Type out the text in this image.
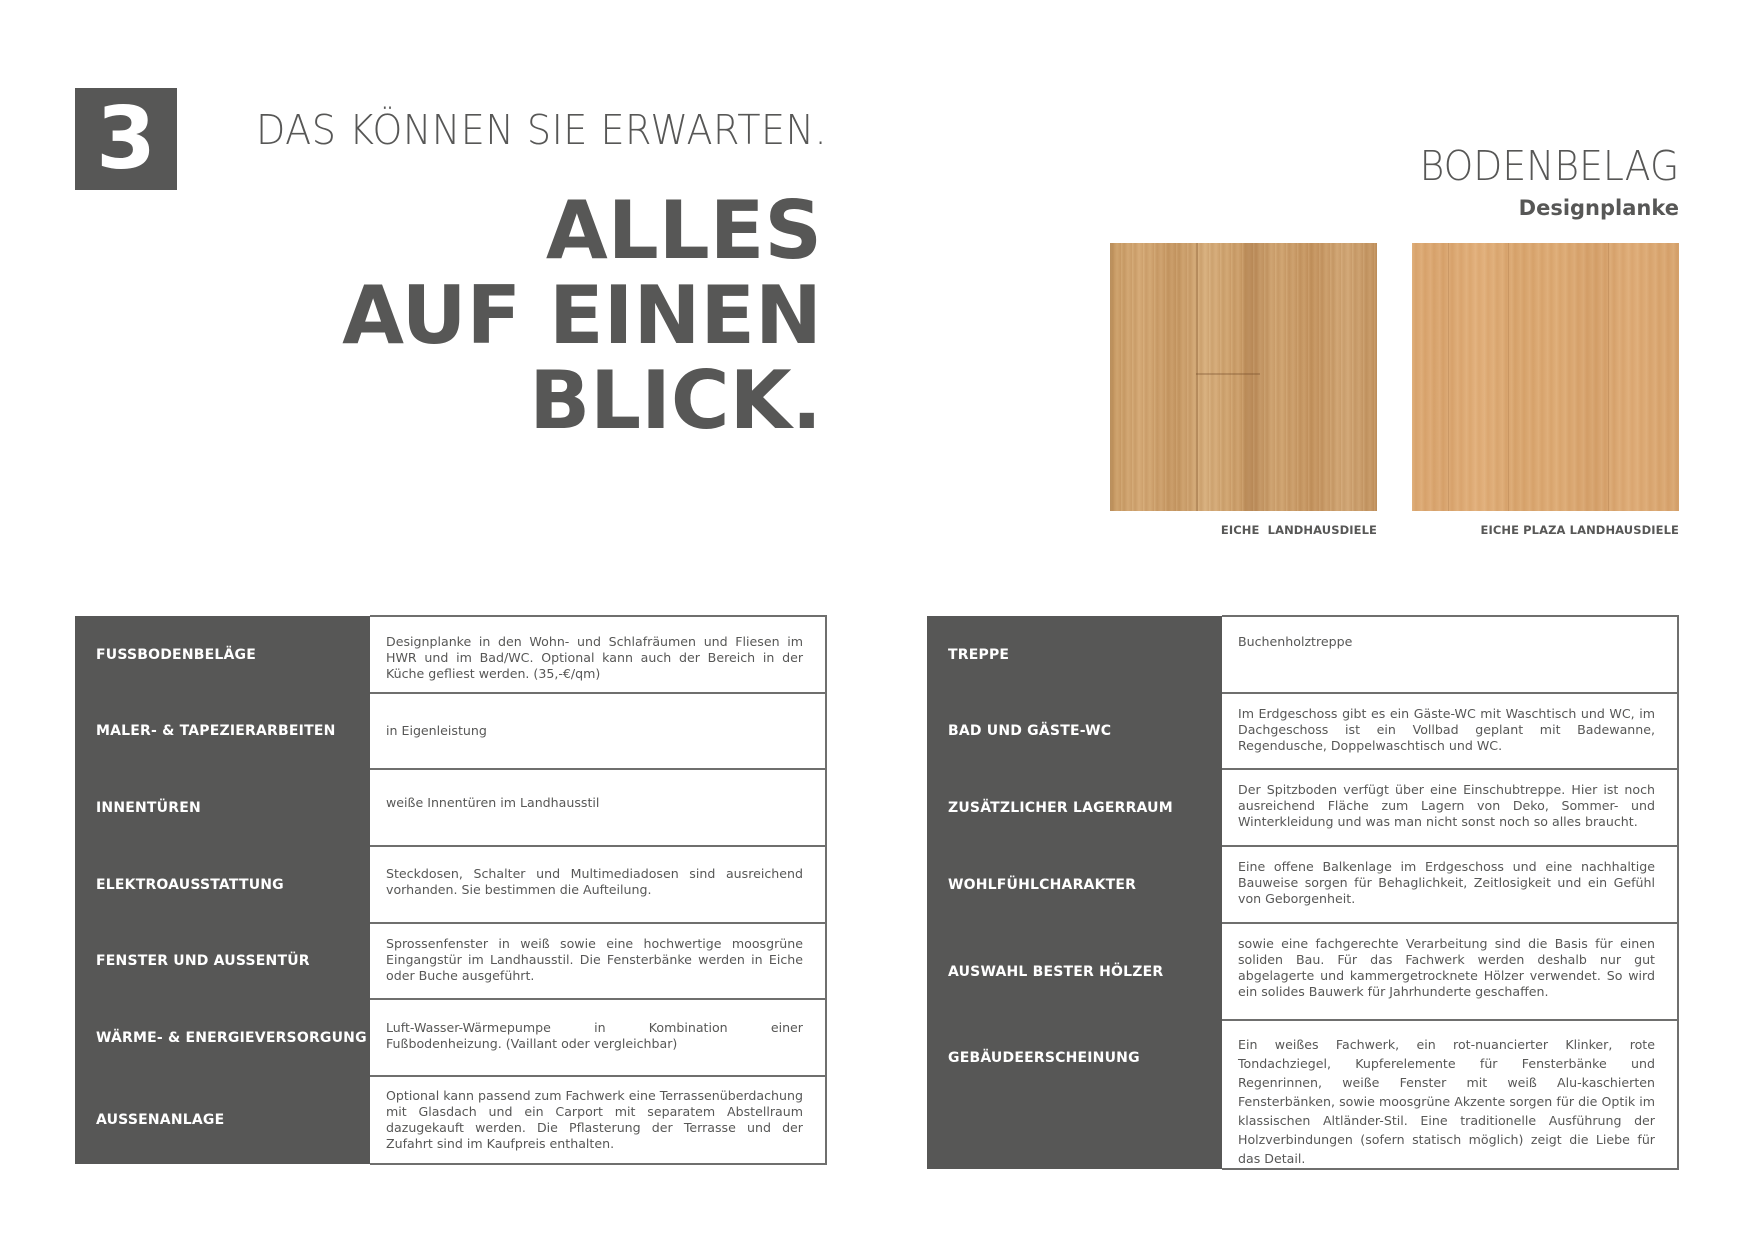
3	DAS KÖNNEN SIE ERWARTEN.
ALLES
AUF EINEN
BLICK.
BODENBELAG
Designplanke
EICHE  LANDHAUSDIELE	EICHE PLAZA LANDHAUSDIELE
FUSSBODENBELÄGE	Designplanke in den Wohn- und Schlafräumen und Fliesen im HWR und im Bad/WC. Optional kann auch der Bereich in der Küche gefliest werden. (35,-€/qm)

MALER- & TAPEZIERARBEITEN	in Eigenleistung

INNENTÜREN	weiße Innentüren im Landhausstil

ELEKTROAUSSTATTUNG	Steckdosen, Schalter und Multimediadosen sind ausreichend vorhanden. Sie bestimmen die Aufteilung.

FENSTER UND AUSSENTÜR	Sprossenfenster in weiß sowie eine hochwertige moosgrüne Eingangstür im Landhausstil. Die Fensterbänke werden in Eiche oder Buche ausgeführt.

WÄRME- & ENERGIEVERSORGUNG	Luft-Wasser-Wärmepumpe in Kombination einer Fußbodenheizung. (Vaillant oder vergleichbar)

AUSSENANLAGE	Optional kann passend zum Fachwerk eine Terrassenüberdachung mit Glasdach und ein Carport mit separatem Abstellraum dazugekauft werden. Die Pflasterung der Terrasse und der Zufahrt sind im Kaufpreis enthalten.
TREPPE	Buchenholztreppe

BAD UND GÄSTE-WC	Im Erdgeschoss gibt es ein Gäste-WC mit Waschtisch und WC, im Dachgeschoss ist ein Vollbad geplant mit Badewanne, Regendusche, Doppelwaschtisch und WC.

ZUSÄTZLICHER LAGERRAUM	Der Spitzboden verfügt über eine Einschubtreppe. Hier ist noch ausreichend Fläche zum Lagern von Deko, Sommer- und Winterkleidung und was man nicht sonst noch so alles braucht.

WOHLFÜHLCHARAKTER	Eine offene Balkenlage im Erdgeschoss und eine nachhaltige Bauweise sorgen für Behaglichkeit, Zeitlosigkeit und ein Gefühl von Geborgenheit.

AUSWAHL BESTER HÖLZER	sowie eine fachgerechte Verarbeitung sind die Basis für einen soliden Bau. Für das Fachwerk werden deshalb nur gut abgelagerte und kammergetrocknete Hölzer verwendet. So wird ein solides Bauwerk für Jahrhunderte geschaffen.

GEBÄUDEERSCHEINUNG	Ein weißes Fachwerk, ein rot-nuancierter Klinker, rote Tondachziegel, Kupferelemente für Fensterbänke und Regenrinnen, weiße Fenster mit weiß Alu-kaschierten Fensterbänken, sowie moosgrüne Akzente sorgen für die Optik im klassischen Altländer-Stil. Eine traditionelle Ausführung der Holzverbindungen (sofern statisch möglich) zeigt die Liebe für das Detail.
